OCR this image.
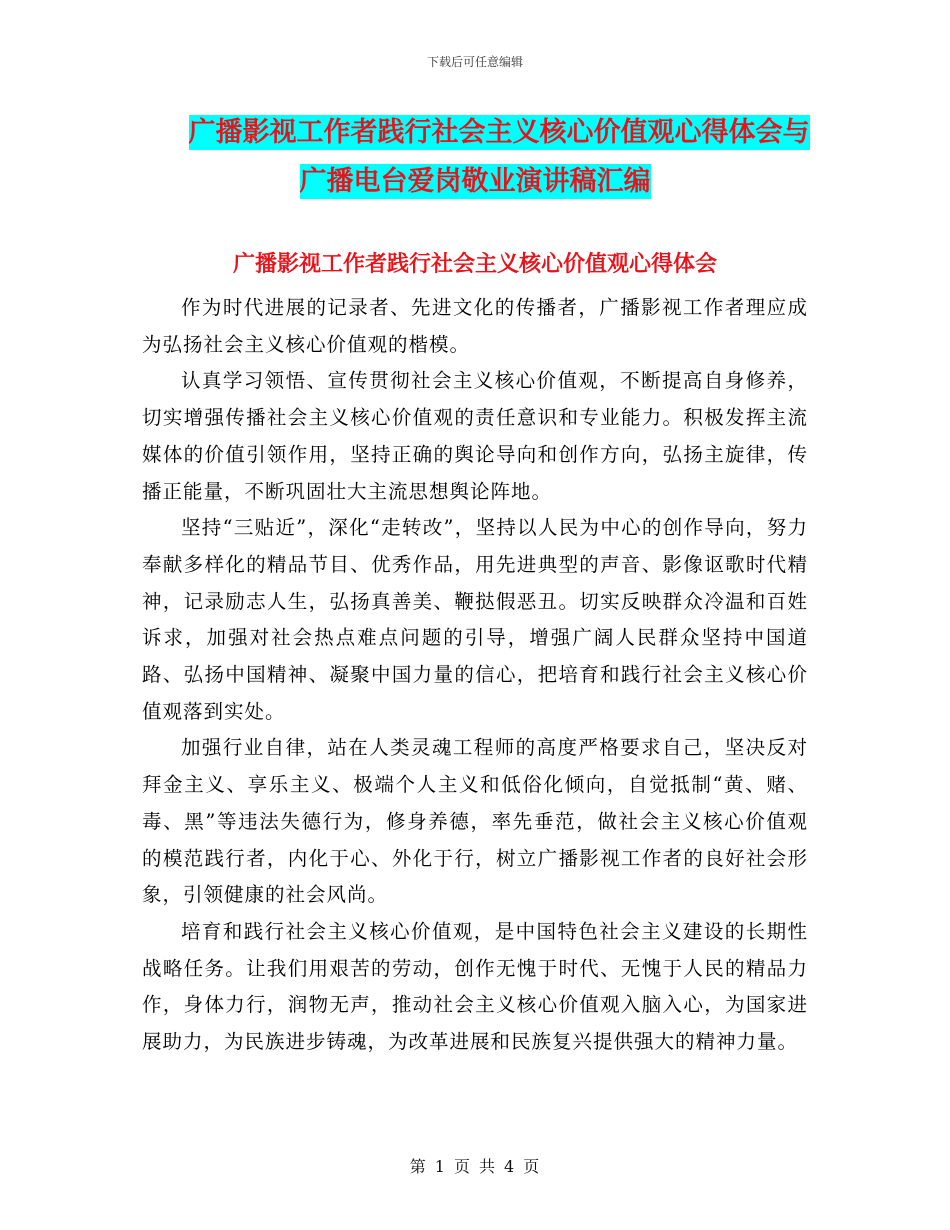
下载后可任意编辑
广播影视工作者践行社会主义核心价值观心得体会与
广播电台爱岗敬业演讲稿汇编
广播影视工作者践行社会主义核心价值观心得体会

作为时代进展的记录者、先进文化的传播者，广播影视工作者理应成为弘扬社会主义核心价值观的楷模。

认真学习领悟、宣传贯彻社会主义核心价值观，不断提高自身修养，切实增强传播社会主义核心价值观的责任意识和专业能力。积极发挥主流媒体的价值引领作用，坚持正确的舆论导向和创作方向，弘扬主旋律，传播正能量，不断巩固壮大主流思想舆论阵地。

坚持“三贴近”，深化“走转改”，坚持以人民为中心的创作导向，努力奉献多样化的精品节目、优秀作品，用先进典型的声音、影像讴歌时代精神，记录励志人生，弘扬真善美、鞭挞假恶丑。切实反映群众冷温和百姓诉求，加强对社会热点难点问题的引导，增强广阔人民群众坚持中国道路、弘扬中国精神、凝聚中国力量的信心，把培育和践行社会主义核心价值观落到实处。

加强行业自律，站在人类灵魂工程师的高度严格要求自己，坚决反对拜金主义、享乐主义、极端个人主义和低俗化倾向，自觉抵制“黄、赌、毒、黑”等违法失德行为，修身养德，率先垂范，做社会主义核心价值观的模范践行者，内化于心、外化于行，树立广播影视工作者的良好社会形象，引领健康的社会风尚。

培育和践行社会主义核心价值观，是中国特色社会主义建设的长期性战略任务。让我们用艰苦的劳动，创作无愧于时代、无愧于人民的精品力作，身体力行，润物无声，推动社会主义核心价值观入脑入心，为国家进展助力，为民族进步铸魂，为改革进展和民族复兴提供强大的精神力量。

第 1 页 共 4 页
